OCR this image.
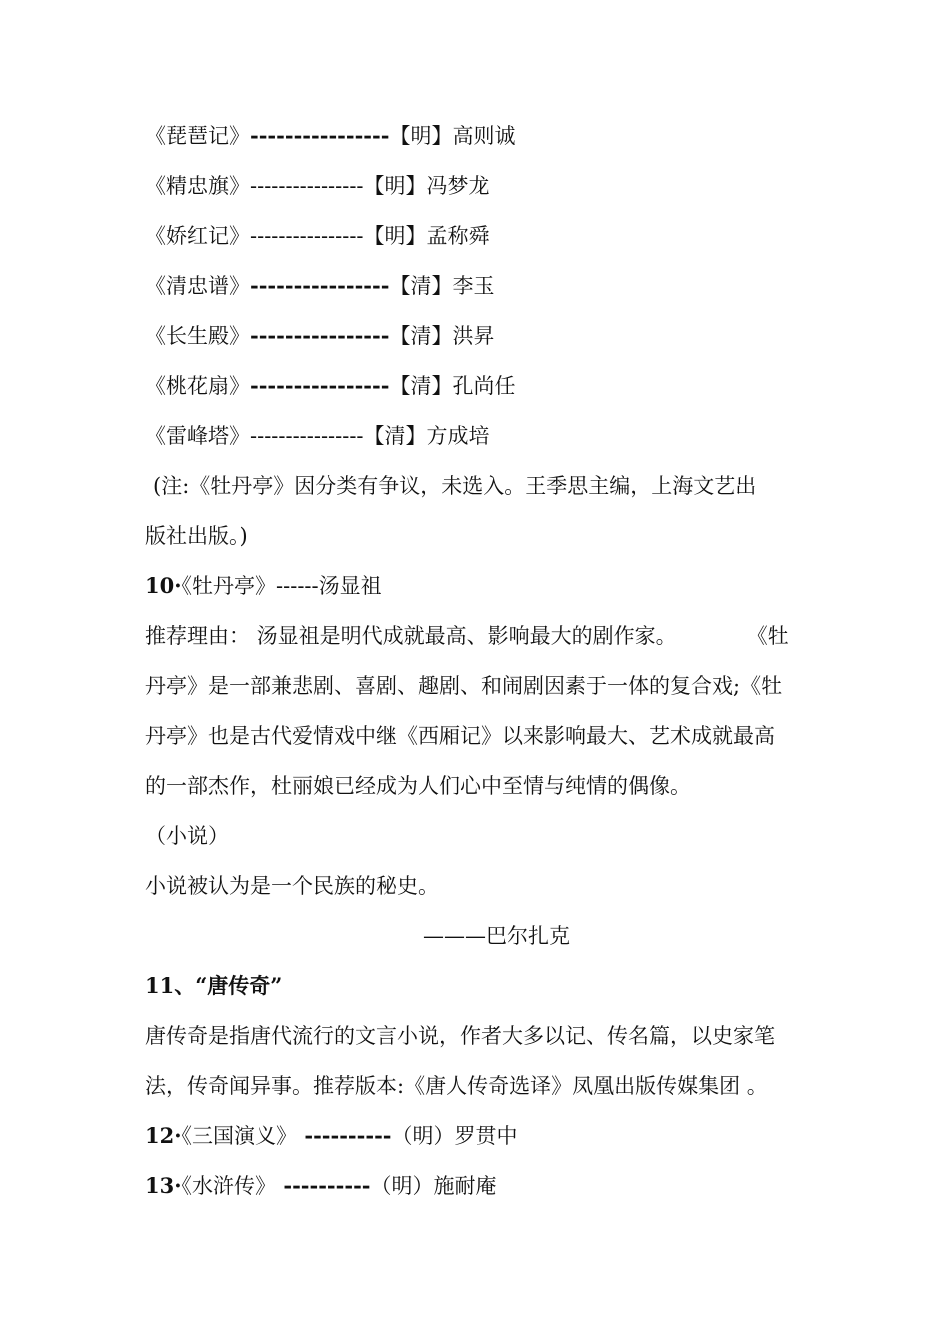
《琵琶记》----------------【明】高则诚
《精忠旗》----------------【明】冯梦龙
《娇红记》----------------【明】孟称舜
《清忠谱》----------------【清】李玉
《长生殿》----------------【清】洪昇
《桃花扇》----------------【清】孔尚任
《雷峰塔》----------------【清】方成培
(注:《牡丹亭》因分类有争议，未选入。王季思主编，上海文艺出
版社出版。)
10·《牡丹亭》------汤显祖
推荐理由： 汤显祖是明代成就最高、影响最大的剧作家。	《牡
丹亭》是一部兼悲剧、喜剧、趣剧、和闹剧因素于一体的复合戏;《牡
丹亭》也是古代爱情戏中继《西厢记》以来影响最大、艺术成就最高
的一部杰作，杜丽娘已经成为人们心中至情与纯情的偶像。
（小说）
小说被认为是一个民族的秘史。
———巴尔扎克
11、“唐传奇”
唐传奇是指唐代流行的文言小说，作者大多以记、传名篇，以史家笔
法，传奇闻异事。推荐版本:《唐人传奇选译》凤凰出版传媒集团 。
12·《三国演义》 ----------（明）罗贯中
13·《水浒传》 ----------（明）施耐庵
